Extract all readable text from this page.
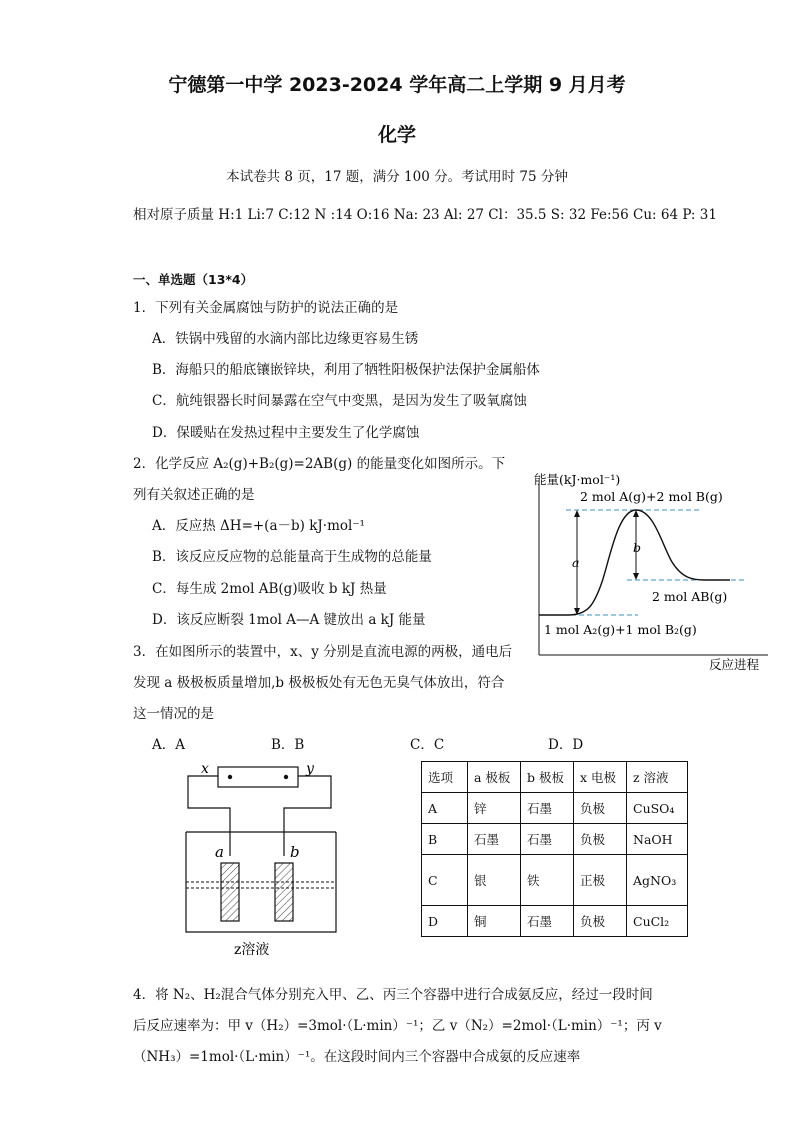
宁德第一中学 2023-2024 学年高二上学期 9 月月考
化学
本试卷共 8 页，17 题，满分 100 分。考试用时 75 分钟
相对原子质量 H:1 Li:7 C:12 N :14 O:16 Na: 23 Al: 27 Cl：35.5 S: 32 Fe:56 Cu: 64 P: 31
一、单选题（13*4）
1．下列有关金属腐蚀与防护的说法正确的是
A．铁锅中残留的水滴内部比边缘更容易生锈
B．海船只的船底镶嵌锌块，利用了牺牲阳极保护法保护金属船体
C．航纯银器长时间暴露在空气中变黑，是因为发生了吸氧腐蚀
D．保暖贴在发热过程中主要发生了化学腐蚀
2．化学反应 A₂(g)+B₂(g)=2AB(g) 的能量变化如图所示。下
列有关叙述正确的是
A．反应热 ΔH=+(a－b) kJ·mol⁻¹
B．该反应反应物的总能量高于生成物的总能量
C．每生成 2mol AB(g)吸收 b kJ 热量
D．该反应断裂 1mol A—A 键放出 a kJ 能量
能量(kJ·mol⁻¹)
2 mol A(g)+2 mol B(g)
a
b
2 mol AB(g)
1 mol A₂(g)+1 mol B₂(g)
反应进程
3．在如图所示的装置中，x、y 分别是直流电源的两极，通电后
发现 a 极极板质量增加,b 极极板处有无色无臭气体放出，符合
这一情况的是
A．A	B．B	C．C	D．D
x	y
a	b
z溶液
选项	a 极板	b 极板	x 电极	z 溶液
A	锌	石墨	负极	CuSO₄
B	石墨	石墨	负极	NaOH
C	银	铁	正极	AgNO₃
D	铜	石墨	负极	CuCl₂
4．将 N₂、H₂混合气体分别充入甲、乙、丙三个容器中进行合成氨反应，经过一段时间
后反应速率为：甲 v（H₂）=3mol·（L·min）⁻¹；乙 v（N₂）=2mol·（L·min）⁻¹；丙 v
（NH₃）=1mol·（L·min）⁻¹。在这段时间内三个容器中合成氨的反应速率
